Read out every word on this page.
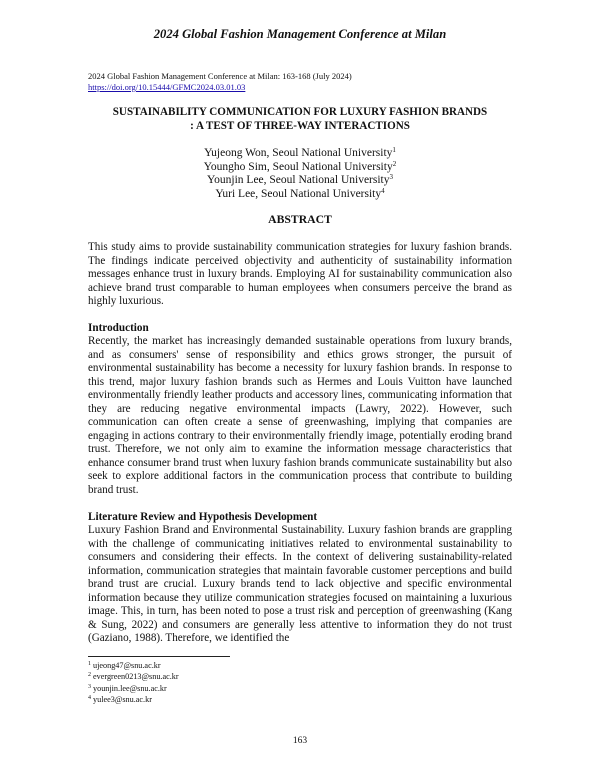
2024 Global Fashion Management Conference at Milan
2024 Global Fashion Management Conference at Milan: 163-168 (July 2024)
https://doi.org/10.15444/GFMC2024.03.01.03
SUSTAINABILITY COMMUNICATION FOR LUXURY FASHION BRANDS
: A TEST OF THREE-WAY INTERACTIONS
Yujeong Won, Seoul National University$^1$
Youngho Sim, Seoul National University$^2$
Younjin Lee, Seoul National University$^3$
Yuri Lee, Seoul National University$^4$
ABSTRACT
This study aims to provide sustainability communication strategies for luxury fashion brands. The findings indicate perceived objectivity and authenticity of sustainability information messages enhance trust in luxury brands. Employing AI for sustainability communication also achieve brand trust comparable to human employees when consumers perceive the brand as highly luxurious.
Introduction
Recently, the market has increasingly demanded sustainable operations from luxury brands, and as consumers' sense of responsibility and ethics grows stronger, the pursuit of environmental sustainability has become a necessity for luxury fashion brands. In response to this trend, major luxury fashion brands such as Hermes and Louis Vuitton have launched environmentally friendly leather products and accessory lines, communicating information that they are reducing negative environmental impacts (Lawry, 2022). However, such communication can often create a sense of greenwashing, implying that companies are engaging in actions contrary to their environmentally friendly image, potentially eroding brand trust. Therefore, we not only aim to examine the information message characteristics that enhance consumer brand trust when luxury fashion brands communicate sustainability but also seek to explore additional factors in the communication process that contribute to building brand trust.
Literature Review and Hypothesis Development
Luxury Fashion Brand and Environmental Sustainability. Luxury fashion brands are grappling with the challenge of communicating initiatives related to environmental sustainability to consumers and considering their effects. In the context of delivering sustainability-related information, communication strategies that maintain favorable customer perceptions and build brand trust are crucial. Luxury brands tend to lack objective and specific environmental information because they utilize communication strategies focused on maintaining a luxurious image. This, in turn, has been noted to pose a trust risk and perception of greenwashing (Kang & Sung, 2022) and consumers are generally less attentive to information they do not trust (Gaziano, 1988). Therefore, we identified the
$^1$ ujeong47@snu.ac.kr
$^2$ evergreen0213@snu.ac.kr
$^3$ younjin.lee@snu.ac.kr
$^4$ yulee3@snu.ac.kr
163
